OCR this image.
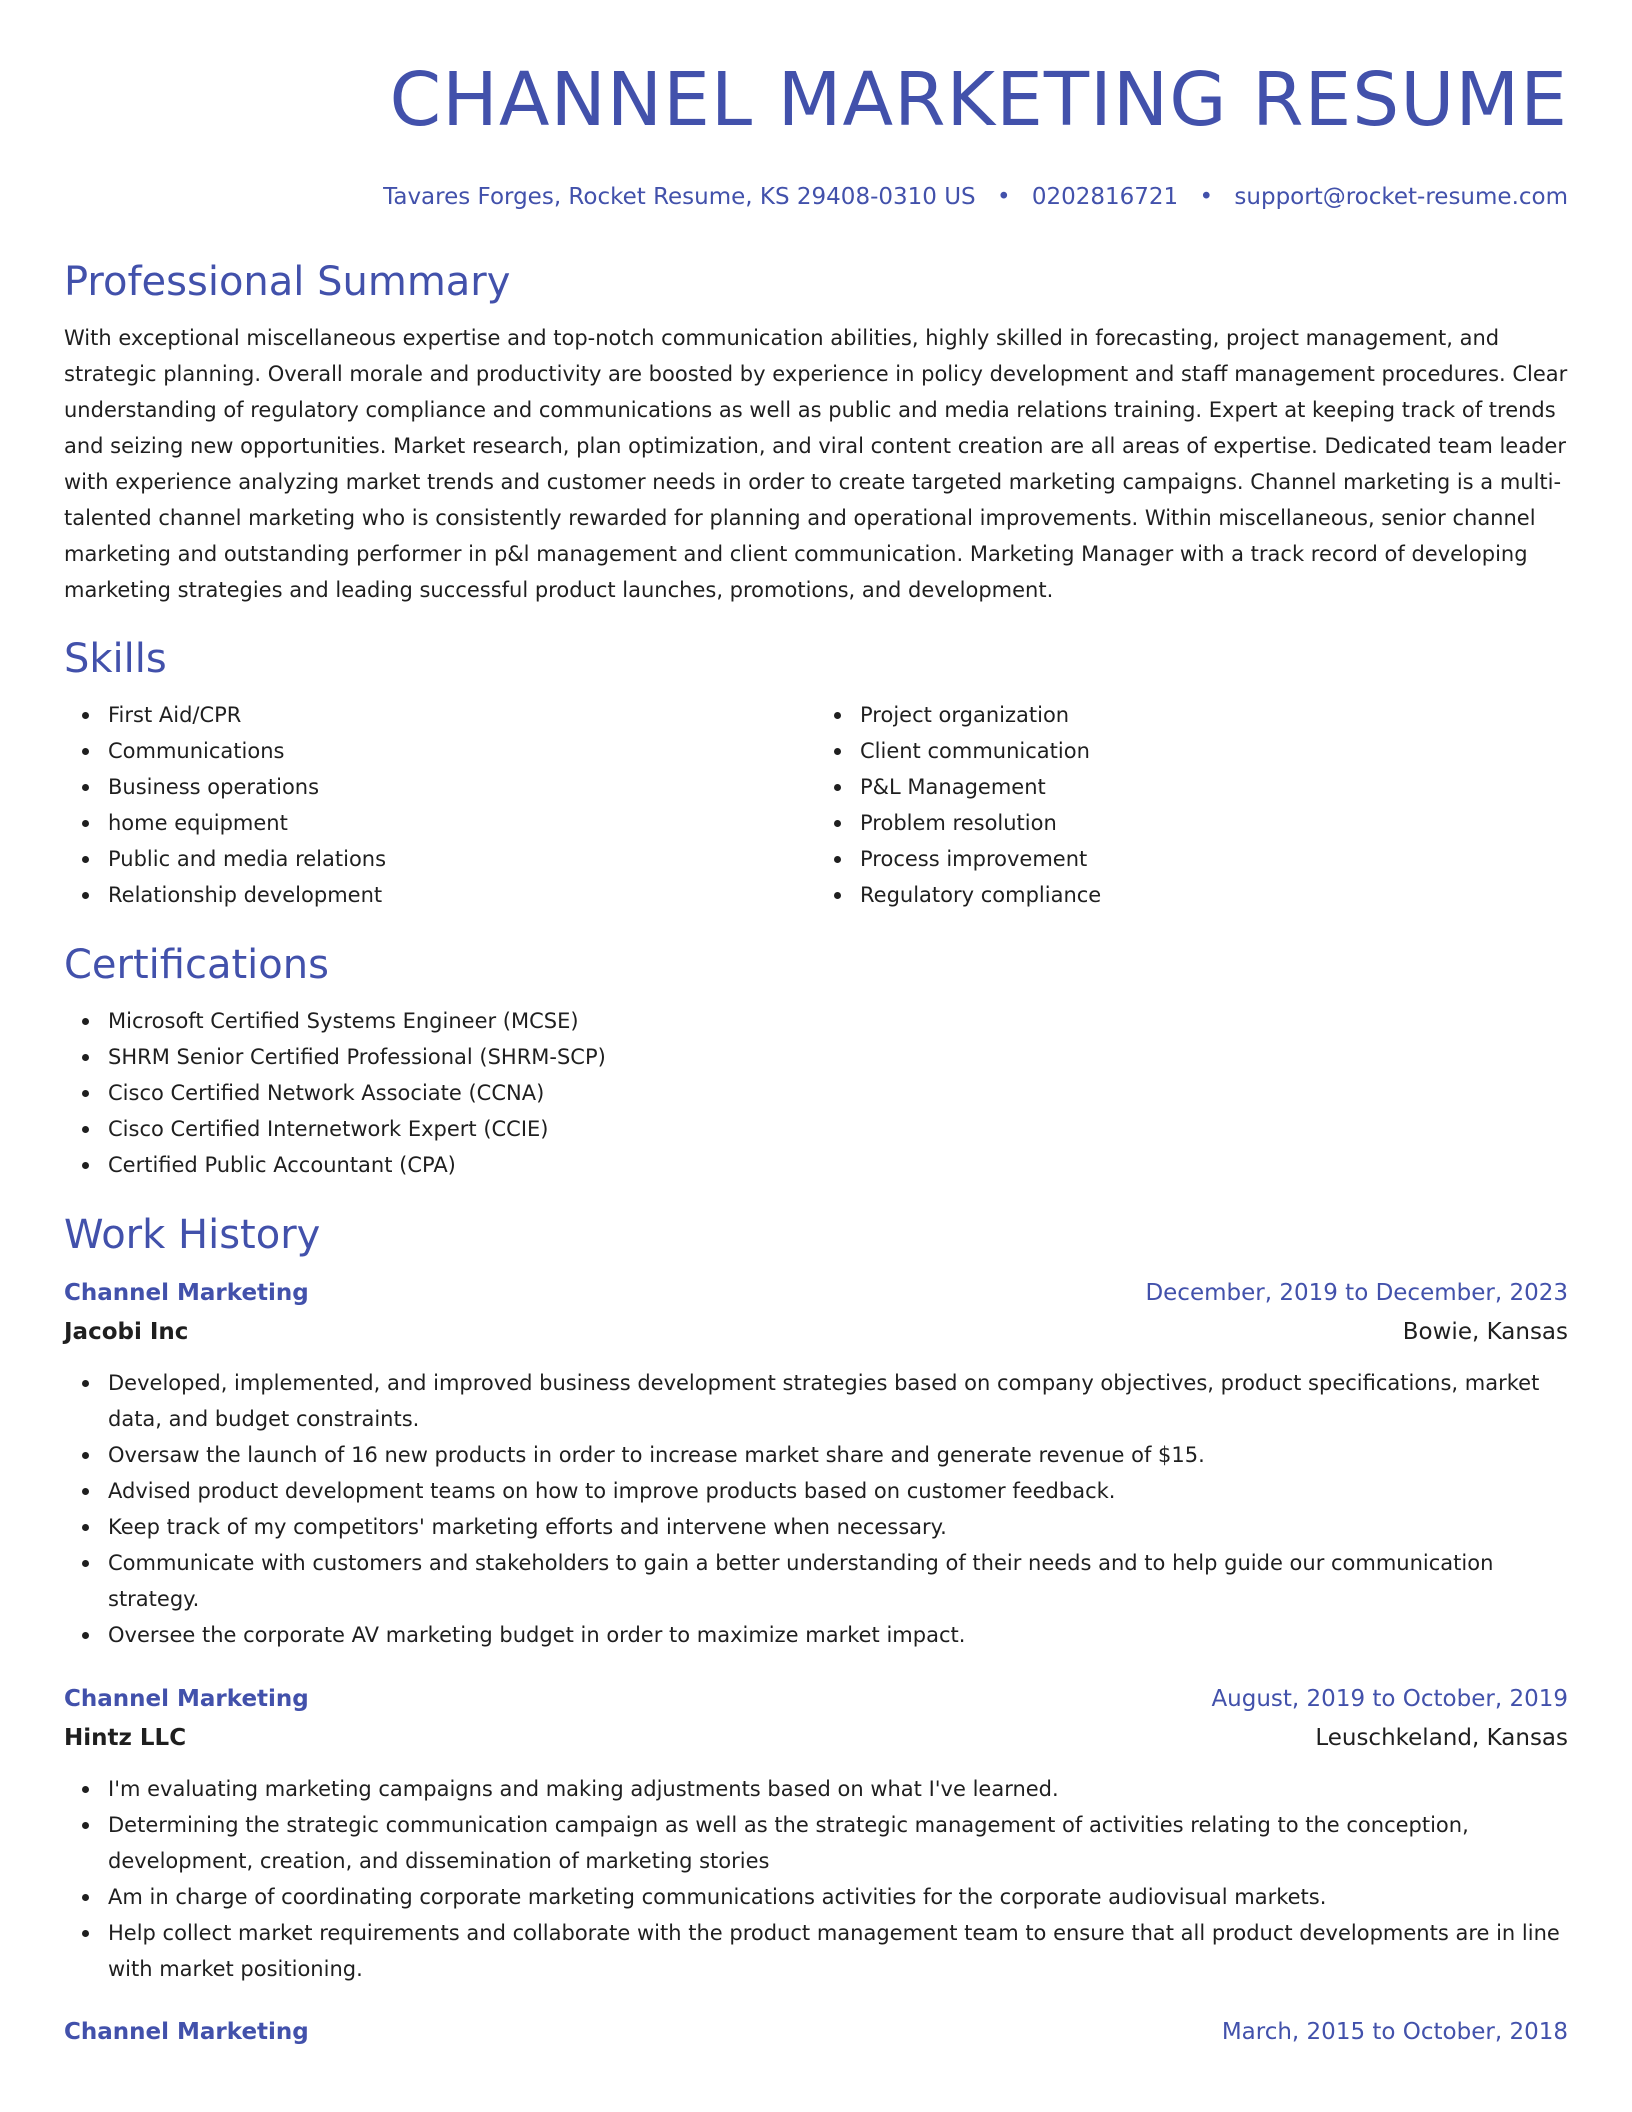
CHANNEL MARKETING RESUME
Tavares Forges, Rocket Resume, KS 29408-0310 US • 0202816721 • support@rocket-resume.com
Professional Summary

With exceptional miscellaneous expertise and top-notch communication abilities, highly skilled in forecasting, project management, and strategic planning. Overall morale and productivity are boosted by experience in policy development and staff management procedures. Clear understanding of regulatory compliance and communications as well as public and media relations training. Expert at keeping track of trends and seizing new opportunities. Market research, plan optimization, and viral content creation are all areas of expertise. Dedicated team leader with experience analyzing market trends and customer needs in order to create targeted marketing campaigns. Channel marketing is a multi-talented channel marketing who is consistently rewarded for planning and operational improvements. Within miscellaneous, senior channel marketing and outstanding performer in p&l management and client communication. Marketing Manager with a track record of developing marketing strategies and leading successful product launches, promotions, and development.

Skills
First Aid/CPR
Communications
Business operations
home equipment
Public and media relations
Relationship development
Project organization
Client communication
P&L Management
Problem resolution
Process improvement
Regulatory compliance
Certifications
Microsoft Certified Systems Engineer (MCSE)
SHRM Senior Certified Professional (SHRM-SCP)
Cisco Certified Network Associate (CCNA)
Cisco Certified Internetwork Expert (CCIE)
Certified Public Accountant (CPA)
Work History
Channel Marketing	December, 2019 to December, 2023
Jacobi Inc	Bowie, Kansas
Developed, implemented, and improved business development strategies based on company objectives, product specifications, market data, and budget constraints.
Oversaw the launch of 16 new products in order to increase market share and generate revenue of $15.
Advised product development teams on how to improve products based on customer feedback.
Keep track of my competitors' marketing efforts and intervene when necessary.
Communicate with customers and stakeholders to gain a better understanding of their needs and to help guide our communication strategy.
Oversee the corporate AV marketing budget in order to maximize market impact.
Channel Marketing	August, 2019 to October, 2019
Hintz LLC	Leuschkeland, Kansas
I'm evaluating marketing campaigns and making adjustments based on what I've learned.
Determining the strategic communication campaign as well as the strategic management of activities relating to the conception, development, creation, and dissemination of marketing stories
Am in charge of coordinating corporate marketing communications activities for the corporate audiovisual markets.
Help collect market requirements and collaborate with the product management team to ensure that all product developments are in line with market positioning.
Channel Marketing	March, 2015 to October, 2018
